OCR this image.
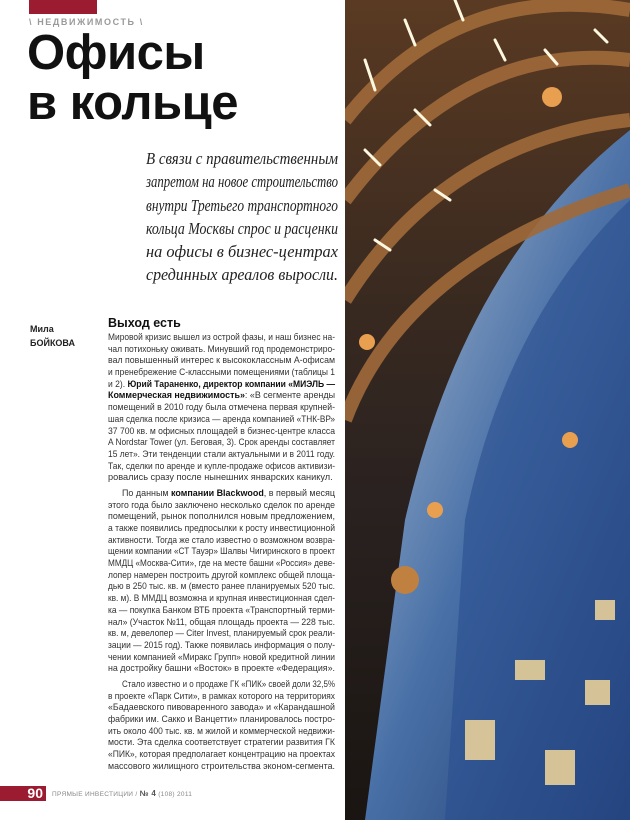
\ НЕДВИЖИМОСТЬ \
Офисы
в кольце
В связи с правительственным
запретом на новое строительство
внутри Третьего транспортного
кольца Москвы спрос и расценки
на офисы в бизнес-центрах
срединных ареалов выросли.
Мила
БОЙКОВА
Выход есть
Мировой кризис вышел из острой фазы, и наш бизнес на-
чал потихоньку оживать. Минувший год продемонстриро-
вал повышенный интерес к высококлассным А-офисам
и пренебрежение С-классными помещениями (таблицы 1
и 2). Юрий Тараненко, директор компании «МИЭЛЬ —
Коммерческая недвижимость»: «В сегменте аренды
помещений в 2010 году была отмечена первая крупней-
шая сделка после кризиса — аренда компанией «ТНК-ВР»
37 700 кв. м офисных площадей в бизнес-центре класса
A Nordstar Tower (ул. Беговая, 3). Срок аренды составляет
15 лет». Эти тенденции стали актуальными и в 2011 году.
Так, сделки по аренде и купле-продаже офисов активизи-
ровались сразу после нынешних январских каникул.
По данным компании Blackwood, в первый месяц
этого года было заключено несколько сделок по аренде
помещений, рынок пополнился новым предложением,
а также появились предпосылки к росту инвестиционной
активности. Тогда же стало известно о возможном возвра-
щении компании «СТ Тауэр» Шалвы Чигиринского в проект
ММДЦ «Москва-Сити», где на месте башни «Россия» деве-
лопер намерен построить другой комплекс общей площа-
дью в 250 тыс. кв. м (вместо ранее планируемых 520 тыс.
кв. м). В ММДЦ возможна и крупная инвестиционная сдел-
ка — покупка Банком ВТБ проекта «Транспортный терми-
нал» (Участок №11, общая площадь проекта — 228 тыс.
кв. м, девелопер — Citer Invest, планируемый срок реали-
зации — 2015 год). Также появилась информация о полу-
чении компанией «Миракс Групп» новой кредитной линии
на достройку башни «Восток» в проекте «Федерация».
Стало известно и о продаже ГК «ПИК» своей доли 32,5%
в проекте «Парк Сити», в рамках которого на территориях
«Бадаевского пивоваренного завода» и «Карандашной
фабрики им. Сакко и Ванцетти» планировалось постро-
ить около 400 тыс. кв. м жилой и коммерческой недвижи-
мости. Эта сделка соответствует стратегии развития ГК
«ПИК», которая предполагает концентрацию на проектах
массового жилищного строительства эконом-сегмента.
90	ПРЯМЫЕ ИНВЕСТИЦИИ / № 4 (108) 2011
